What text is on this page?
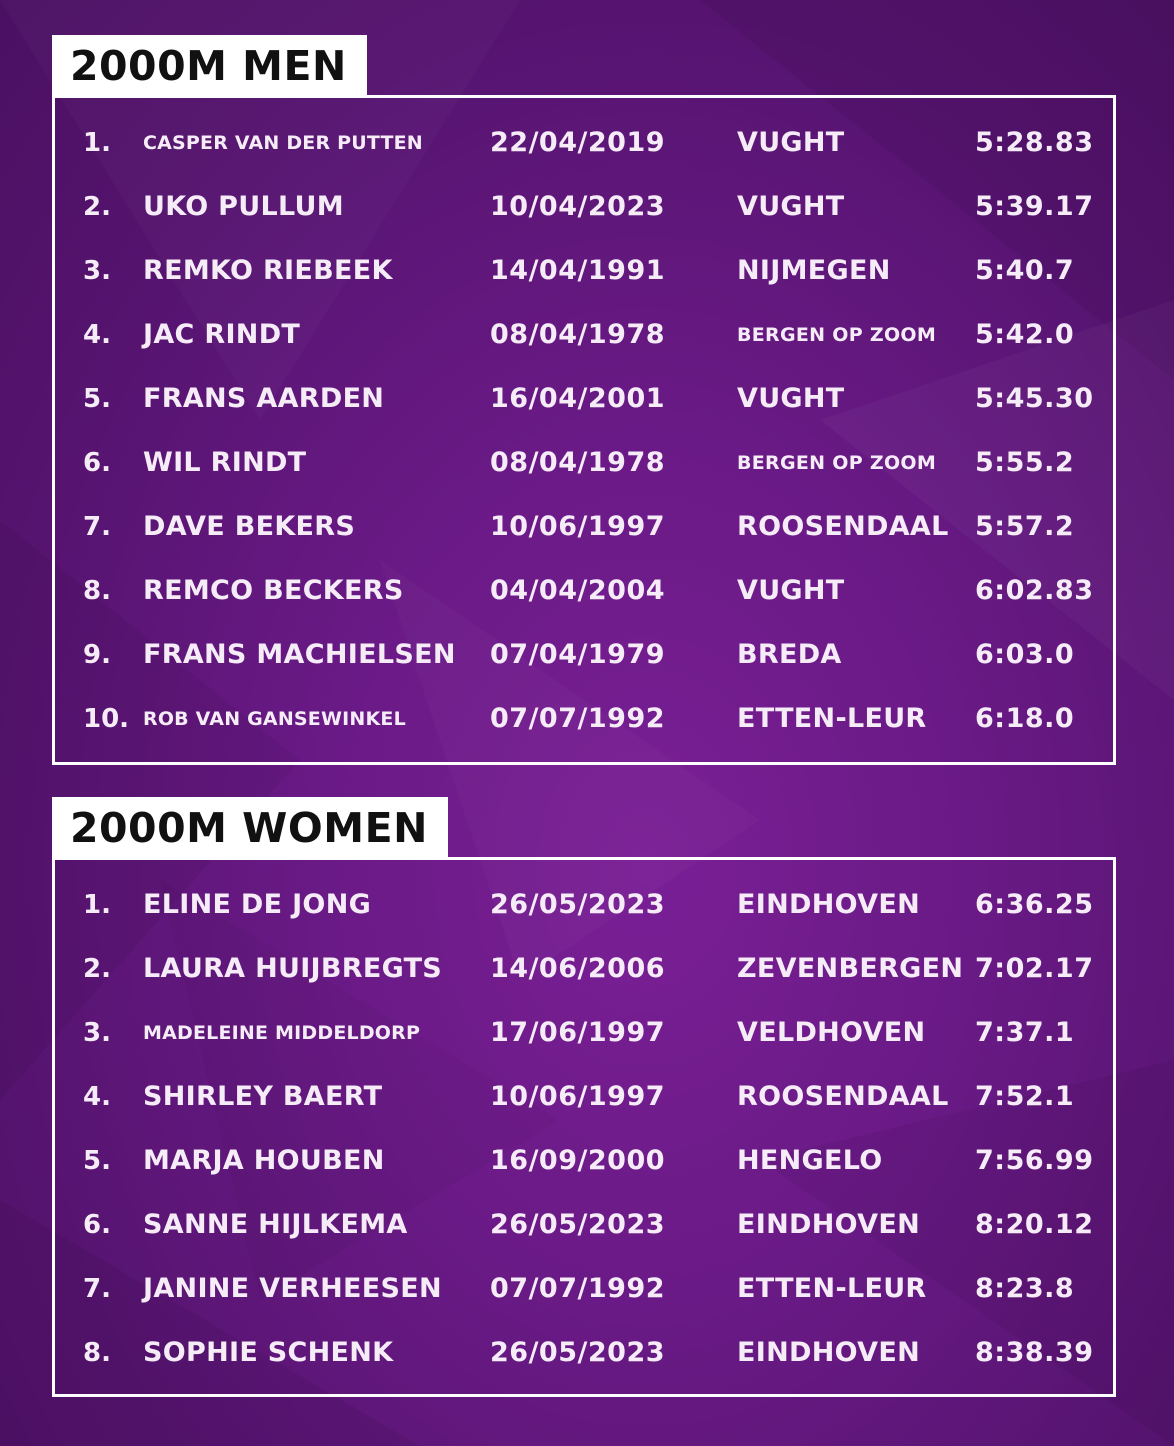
2000M MEN
1.	CASPER VAN DER PUTTEN 22/04/2019	VUGHT	5:28.83
2.	UKO PULLUM	10/04/2023	VUGHT	5:39.17
3.	REMKO RIEBEEK	14/04/1991	NIJMEGEN	5:40.7
4.	JAC RINDT	08/04/1978	BERGEN OP ZOOM 5:42.0
5.	FRANS AARDEN	16/04/2001	VUGHT	5:45.30
6.	WIL RINDT	08/04/1978	BERGEN OP ZOOM 5:55.2
7.	DAVE BEKERS	10/06/1997	ROOSENDAAL 5:57.2
8.	REMCO BECKERS	04/04/2004	VUGHT	6:02.83
9.	FRANS MACHIELSEN 07/04/1979	BREDA	6:03.0
10. ROB VAN GANSEWINKEL	07/07/1992	ETTEN-LEUR 6:18.0
2000M WOMEN
1.	ELINE DE JONG	26/05/2023	EINDHOVEN 6:36.25
2.	LAURA HUIJBREGTS 14/06/2006	ZEVENBERGEN 7:02.17
3.	MADELEINE MIDDELDORP	17/06/1997	VELDHOVEN 7:37.1
4.	SHIRLEY BAERT	10/06/1997	ROOSENDAAL 7:52.1
5.	MARJA HOUBEN	16/09/2000	HENGELO	7:56.99
6.	SANNE HIJLKEMA	26/05/2023	EINDHOVEN 8:20.12
7.	JANINE VERHEESEN 07/07/1992	ETTEN-LEUR 8:23.8
8.	SOPHIE SCHENK	26/05/2023	EINDHOVEN 8:38.39
